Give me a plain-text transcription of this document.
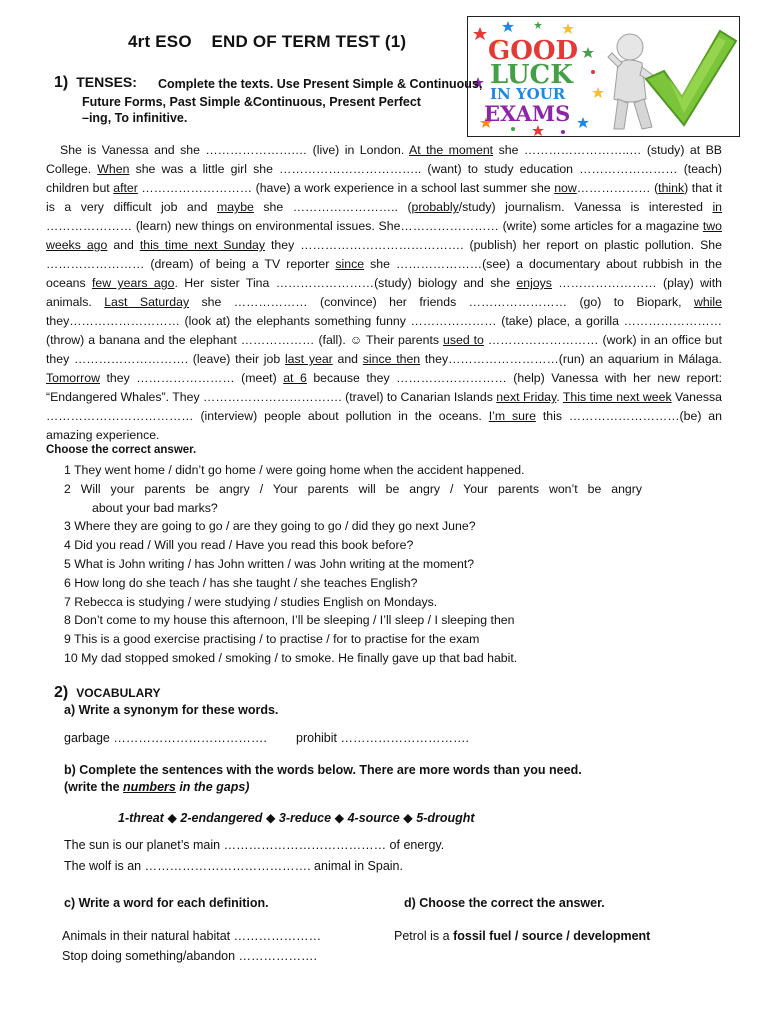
4rt ESO    END OF TERM TEST (1)	GOOD
LUCK
IN YOUR
EXAMS
1) TENSES: Complete the texts. Use Present Simple & Continuous,
Future Forms, Past Simple &Continuous, Present Perfect
–ing, To infinitive.

She is Vanessa and she ………………….… (live) in London. At the moment she ……………………..… (study) at BB College. When she was a little girl she …………………………….. (want) to study education …………………… (teach) children but after ……………………… (have) a work experience in a school last summer she now……………… (think) that it is a very difficult job and maybe she …………………….. (probably/study) journalism. Vanessa is interested in ………………… (learn) new things on environmental issues. She…………………… (write) some articles for a magazine two weeks ago and this time next Sunday they …………………………………. (publish) her report on plastic pollution. She …………………… (dream) of being a TV reporter since she …………………(see) a documentary about rubbish in the oceans few years ago. Her sister Tina ……………………(study) biology and she enjoys …………………… (play) with animals. Last Saturday she ……………… (convince) her friends …………………… (go) to Biopark, while they……………………… (look at) the elephants something funny ………………… (take) place, a gorilla …………………… (throw) a banana and the elephant ……………… (fall). ☺ Their parents used to ……………………… (work) in an office but they ………………………. (leave) their job last year and since then they………………………(run) an aquarium in Málaga. Tomorrow they …………………… (meet) at 6 because they ……………………… (help) Vanessa with her new report: “Endangered Whales”. They ……………………………. (travel) to Canarian Islands next Friday. This time next week Vanessa ……………………………… (interview) people about pollution in the oceans. I’m sure this ………………………(be) an amazing experience.

Choose the correct answer.
1 They went home / didn’t go home / were going home when the accident happened.
2 Will your parents be angry / Your parents will be angry / Your parents won’t be angry
about your bad marks?
3 Where they are going to go / are they going to go / did they go next June?
4 Did you read / Will you read / Have you read this book before?
5 What is John writing / has John written / was John writing at the moment?
6 How long do she teach / has she taught / she teaches English?
7 Rebecca is studying / were studying / studies English on Mondays.
8 Don’t come to my house this afternoon, I’ll be sleeping / I’ll sleep / I sleeping then
9 This is a good exercise practising / to practise / for to practise for the exam
10 My dad stopped smoked / smoking / to smoke. He finally gave up that bad habit.
2) VOCABULARY
a) Write a synonym for these words.
garbage ………………………………. prohibit ………………………….
b) Complete the sentences with the words below. There are more words than you need.
(write the numbers in the gaps)
1-threat ◆ 2-endangered ◆ 3-reduce ◆ 4-source ◆ 5-drought
The sun is our planet’s main ………………………………… of energy.
The wolf is an …………………………………. animal in Spain.
c) Write a word for each definition.	d) Choose the correct the answer.
Animals in their natural habitat …………………	Petrol is a fossil fuel / source / development
Stop doing something/abandon ……………….
